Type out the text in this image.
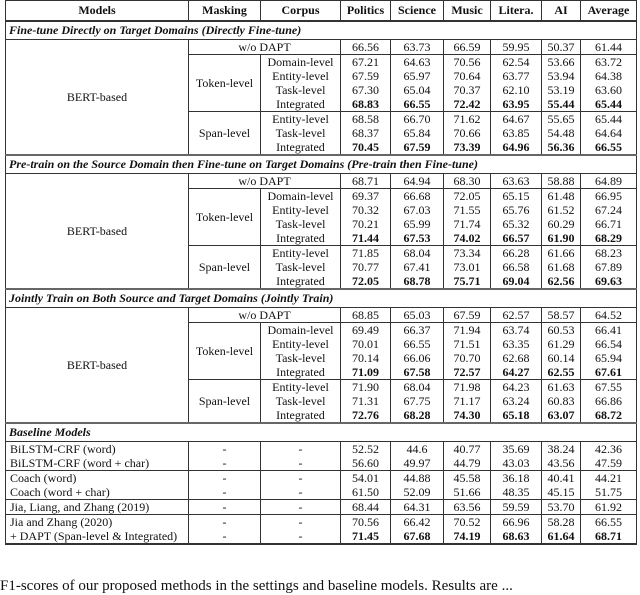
Models	Masking	Corpus	Politics	Science	Music	Litera.	AI	Average
Fine-tune Directly on Target Domains (Directly Fine-tune)								
BERT-based	w/o DAPT		66.56	63.73	66.59	59.95	50.37	61.44
	Token-level	Domain-level	67.21	64.63	70.56	62.54	53.66	63.72
		Entity-level	67.59	65.97	70.64	63.77	53.94	64.38
		Task-level	67.30	65.04	70.37	62.10	53.19	63.60
		Integrated	68.83	66.55	72.42	63.95	55.44	65.44
	Span-level	Entity-level	68.58	66.70	71.62	64.67	55.65	65.44
		Task-level	68.37	65.84	70.66	63.85	54.48	64.64
		Integrated	70.45	67.59	73.39	64.96	56.36	66.55
Pre-train on the Source Domain then Fine-tune on Target Domains (Pre-train then Fine-tune)								
BERT-based	w/o DAPT		68.71	64.94	68.30	63.63	58.88	64.89
	Token-level	Domain-level	69.37	66.68	72.05	65.15	61.48	66.95
		Entity-level	70.32	67.03	71.55	65.76	61.52	67.24
		Task-level	70.21	65.99	71.74	65.32	60.29	66.71
		Integrated	71.44	67.53	74.02	66.57	61.90	68.29
	Span-level	Entity-level	71.85	68.04	73.34	66.28	61.66	68.23
		Task-level	70.77	67.41	73.01	66.58	61.68	67.89
		Integrated	72.05	68.78	75.71	69.04	62.56	69.63
Jointly Train on Both Source and Target Domains (Jointly Train)								
BERT-based	w/o DAPT		68.85	65.03	67.59	62.57	58.57	64.52
	Token-level	Domain-level	69.49	66.37	71.94	63.74	60.53	66.41
		Entity-level	70.01	66.55	71.51	63.35	61.29	66.54
		Task-level	70.14	66.06	70.70	62.68	60.14	65.94
		Integrated	71.09	67.58	72.57	64.27	62.55	67.61
	Span-level	Entity-level	71.90	68.04	71.98	64.23	61.63	67.55
		Task-level	71.31	67.75	71.17	63.24	60.83	66.86
		Integrated	72.76	68.28	74.30	65.18	63.07	68.72
Baseline Models								
BiLSTM-CRF (word)	-	-	52.52	44.6	40.77	35.69	38.24	42.36
BiLSTM-CRF (word + char)	-	-	56.60	49.97	44.79	43.03	43.56	47.59
Coach (word)	-	-	54.01	44.88	45.58	36.18	40.41	44.21
Coach (word + char)	-	-	61.50	52.09	51.66	48.35	45.15	51.75
Jia, Liang, and Zhang (2019)	-	-	68.44	64.31	63.56	59.59	53.70	61.92
Jia and Zhang (2020)	-	-	70.56	66.42	70.52	66.96	58.28	66.55
+ DAPT (Span-level & Integrated)	-	-	71.45	67.68	74.19	68.63	61.64	68.71
F1-scores of our proposed methods in the settings and baseline models. Results are ...
